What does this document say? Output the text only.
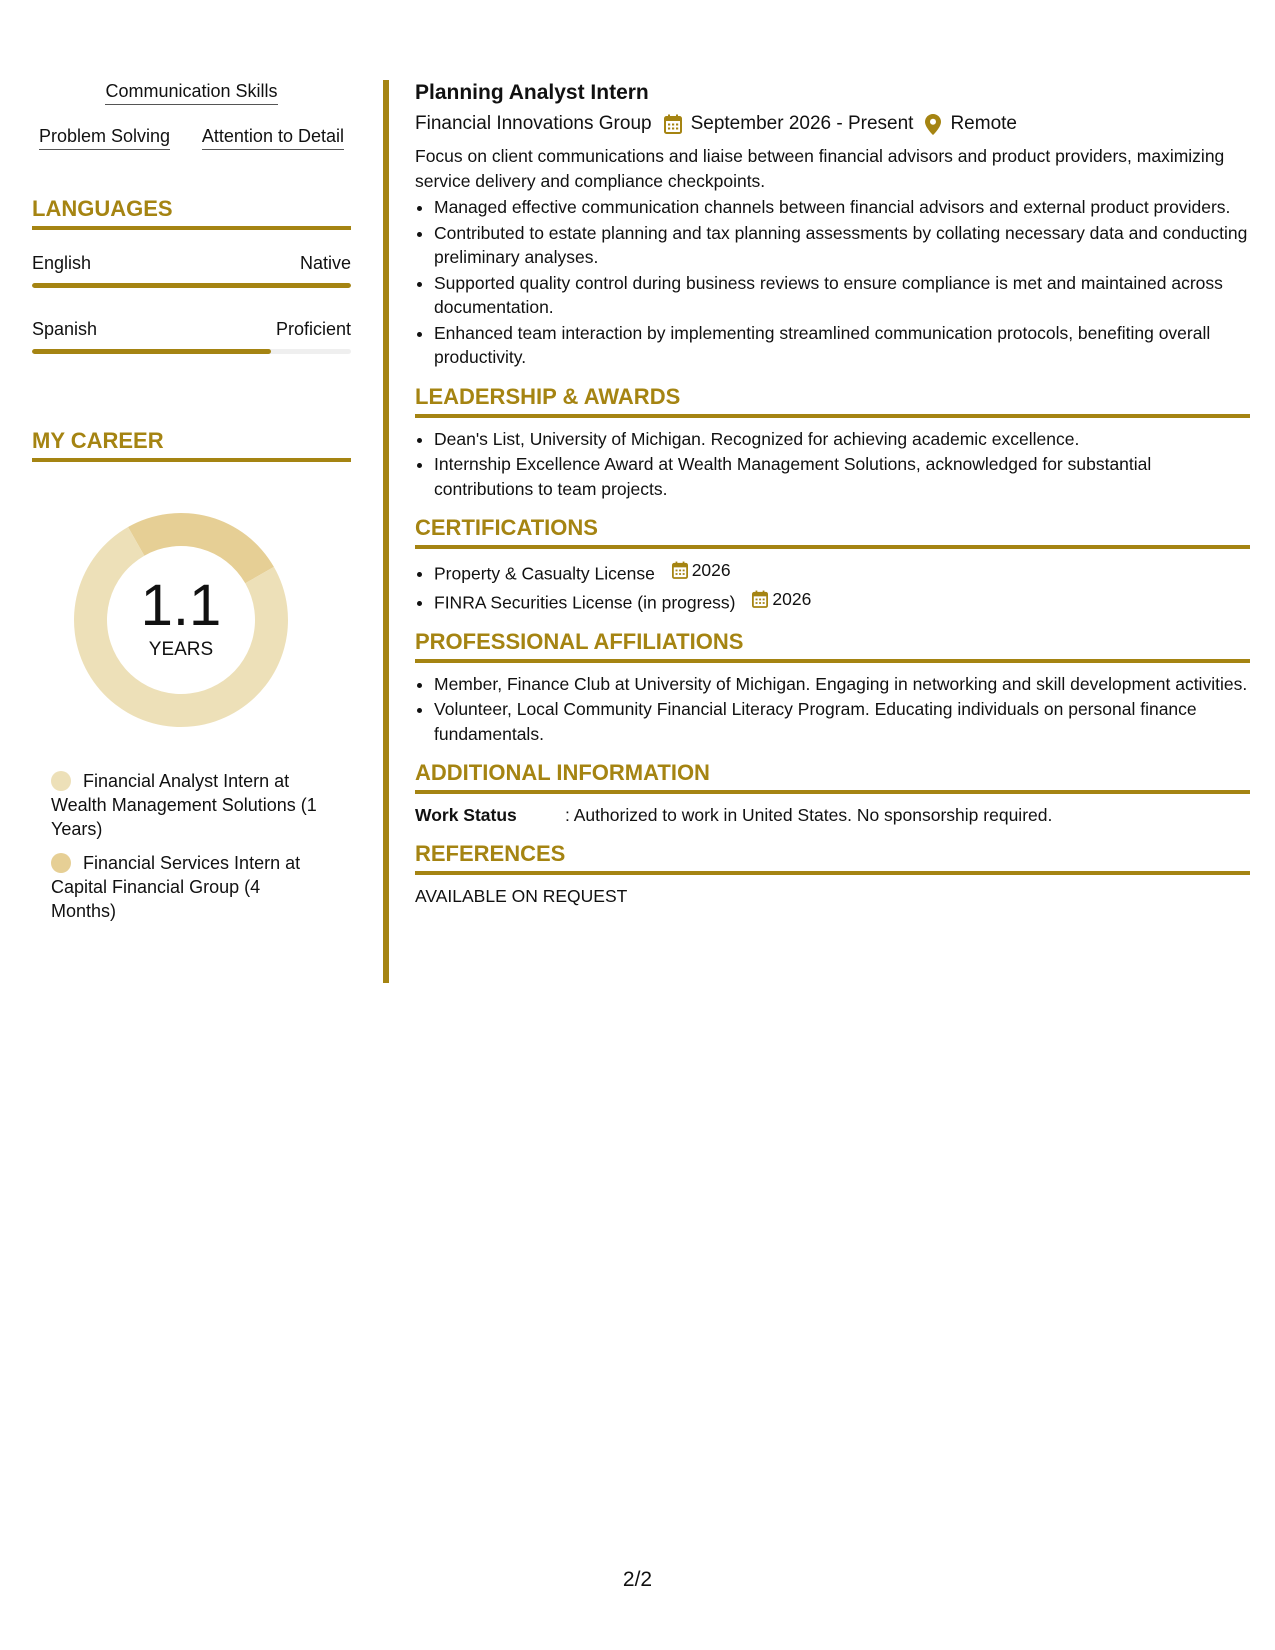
Communication Skills
Problem Solving Attention to Detail
LANGUAGES
English	Native
Spanish	Proficient
MY CAREER
1.1
YEARS
Financial Analyst Intern at Wealth Management Solutions (1 Years)
Financial Services Intern at Capital Financial Group (4 Months)
Planning Analyst Intern
Financial Innovations Group September 2026 - Present Remote
Focus on client communications and liaise between financial advisors and product providers, maximizing service delivery and compliance checkpoints.
• Managed effective communication channels between financial advisors and external product providers.
• Contributed to estate planning and tax planning assessments by collating necessary data and conducting preliminary analyses.
• Supported quality control during business reviews to ensure compliance is met and maintained across documentation.
• Enhanced team interaction by implementing streamlined communication protocols, benefiting overall productivity.
LEADERSHIP & AWARDS
• Dean's List, University of Michigan. Recognized for achieving academic excellence.
• Internship Excellence Award at Wealth Management Solutions, acknowledged for substantial contributions to team projects.
CERTIFICATIONS
• Property & Casualty License 2026
• FINRA Securities License (in progress) 2026
PROFESSIONAL AFFILIATIONS
• Member, Finance Club at University of Michigan. Engaging in networking and skill development activities.
• Volunteer, Local Community Financial Literacy Program. Educating individuals on personal finance fundamentals.
ADDITIONAL INFORMATION
Work Status	: Authorized to work in United States. No sponsorship required.
REFERENCES
AVAILABLE ON REQUEST
2/2
